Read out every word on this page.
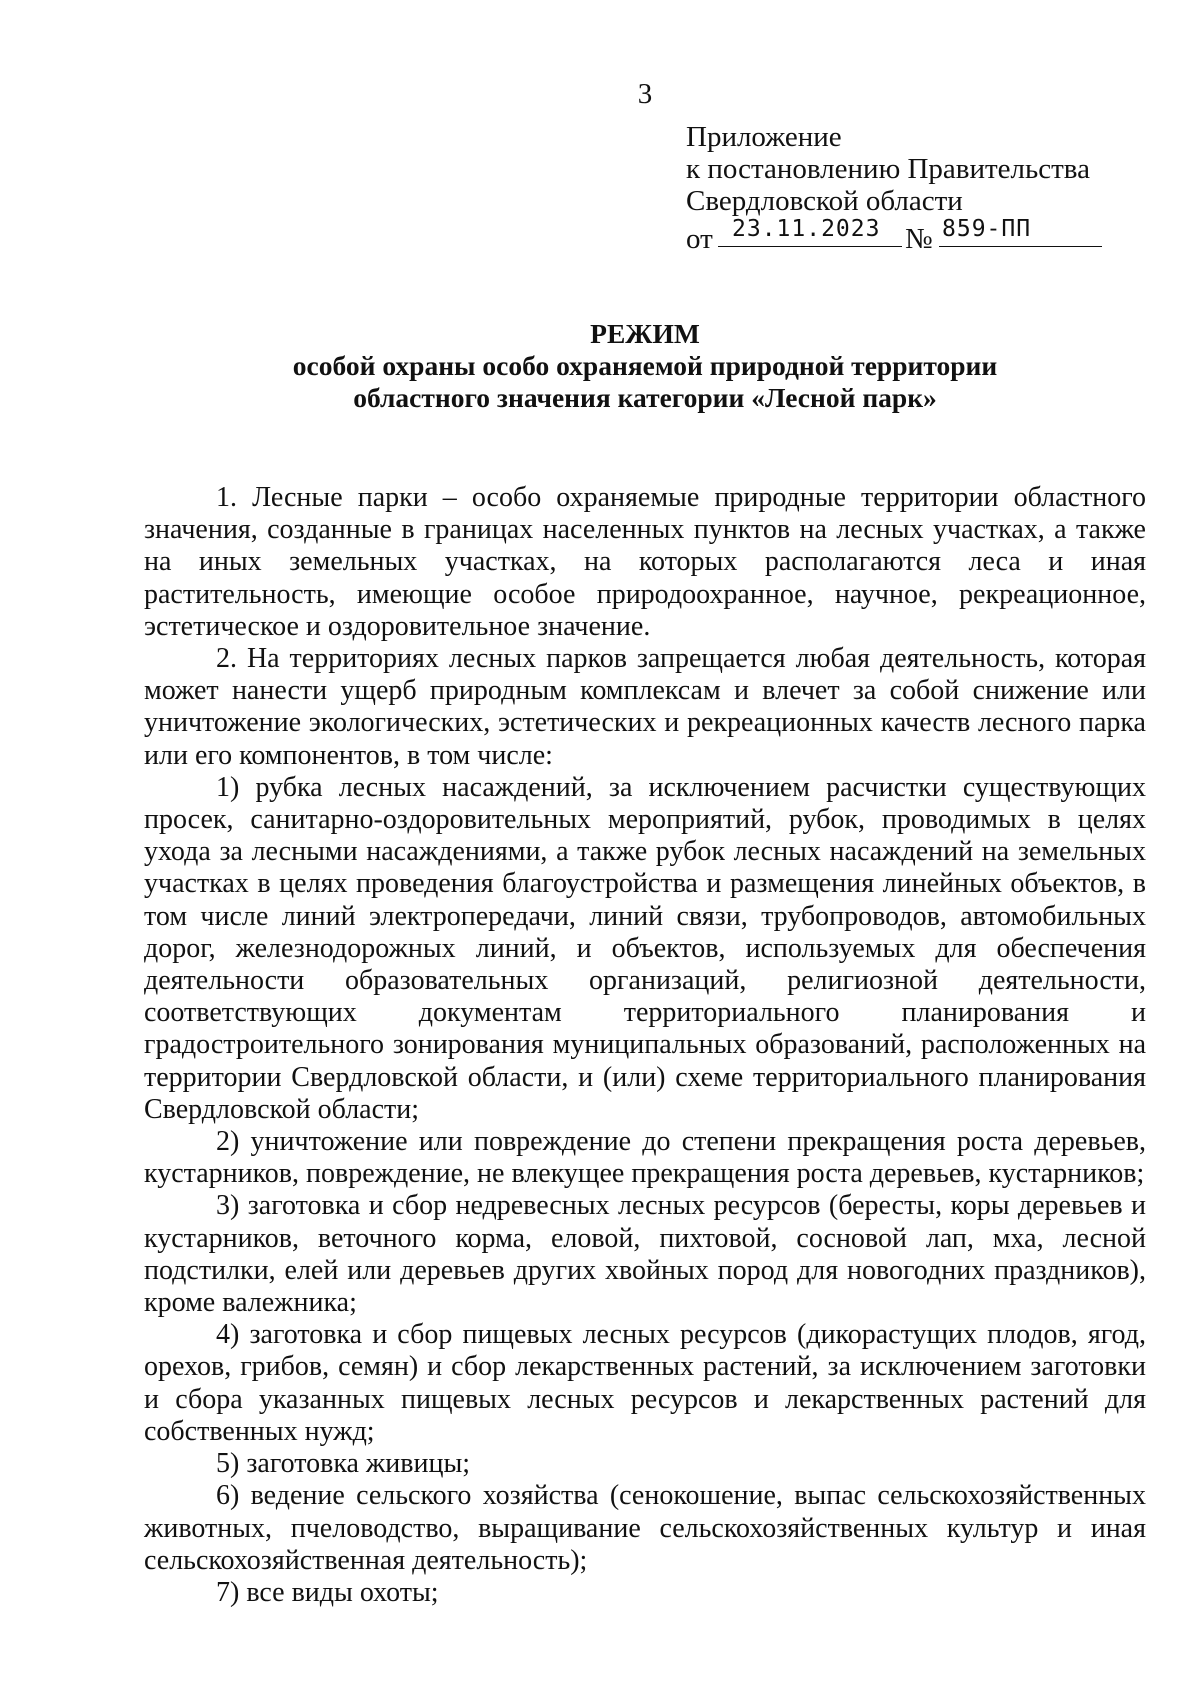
3
Приложение
к постановлению Правительства
Свердловской области
от 23.11.2023 № 859-ПП
РЕЖИМ
особой охраны особо охраняемой природной территории
областного значения категории «Лесной парк»

1. Лесные парки – особо охраняемые природные территории областного значения, созданные в границах населенных пунктов на лесных участках, а также на иных земельных участках, на которых располагаются леса и иная растительность, имеющие особое природоохранное, научное, рекреационное, эстетическое и оздоровительное значение.

2. На территориях лесных парков запрещается любая деятельность, которая может нанести ущерб природным комплексам и влечет за собой снижение или уничтожение экологических, эстетических и рекреационных качеств лесного парка или его компонентов, в том числе:

1) рубка лесных насаждений, за исключением расчистки существующих просек, санитарно-оздоровительных мероприятий, рубок, проводимых в целях ухода за лесными насаждениями, а также рубок лесных насаждений на земельных участках в целях проведения благоустройства и размещения линейных объектов, в том числе линий электропередачи, линий связи, трубопроводов, автомобильных дорог, железнодорожных линий, и объектов, используемых для обеспечения деятельности образовательных организаций, религиозной деятельности, соответствующих документам территориального планирования и градостроительного зонирования муниципальных образований, расположенных на территории Свердловской области, и (или) схеме территориального планирования Свердловской области;

2) уничтожение или повреждение до степени прекращения роста деревьев, кустарников, повреждение, не влекущее прекращения роста деревьев, кустарников;

3) заготовка и сбор недревесных лесных ресурсов (бересты, коры деревьев и кустарников, веточного корма, еловой, пихтовой, сосновой лап, мха, лесной подстилки, елей или деревьев других хвойных пород для новогодних праздников), кроме валежника;

4) заготовка и сбор пищевых лесных ресурсов (дикорастущих плодов, ягод, орехов, грибов, семян) и сбор лекарственных растений, за исключением заготовки и сбора указанных пищевых лесных ресурсов и лекарственных растений для собственных нужд;

5) заготовка живицы;

6) ведение сельского хозяйства (сенокошение, выпас сельскохозяйственных животных, пчеловодство, выращивание сельскохозяйственных культур и иная сельскохозяйственная деятельность);

7) все виды охоты;
